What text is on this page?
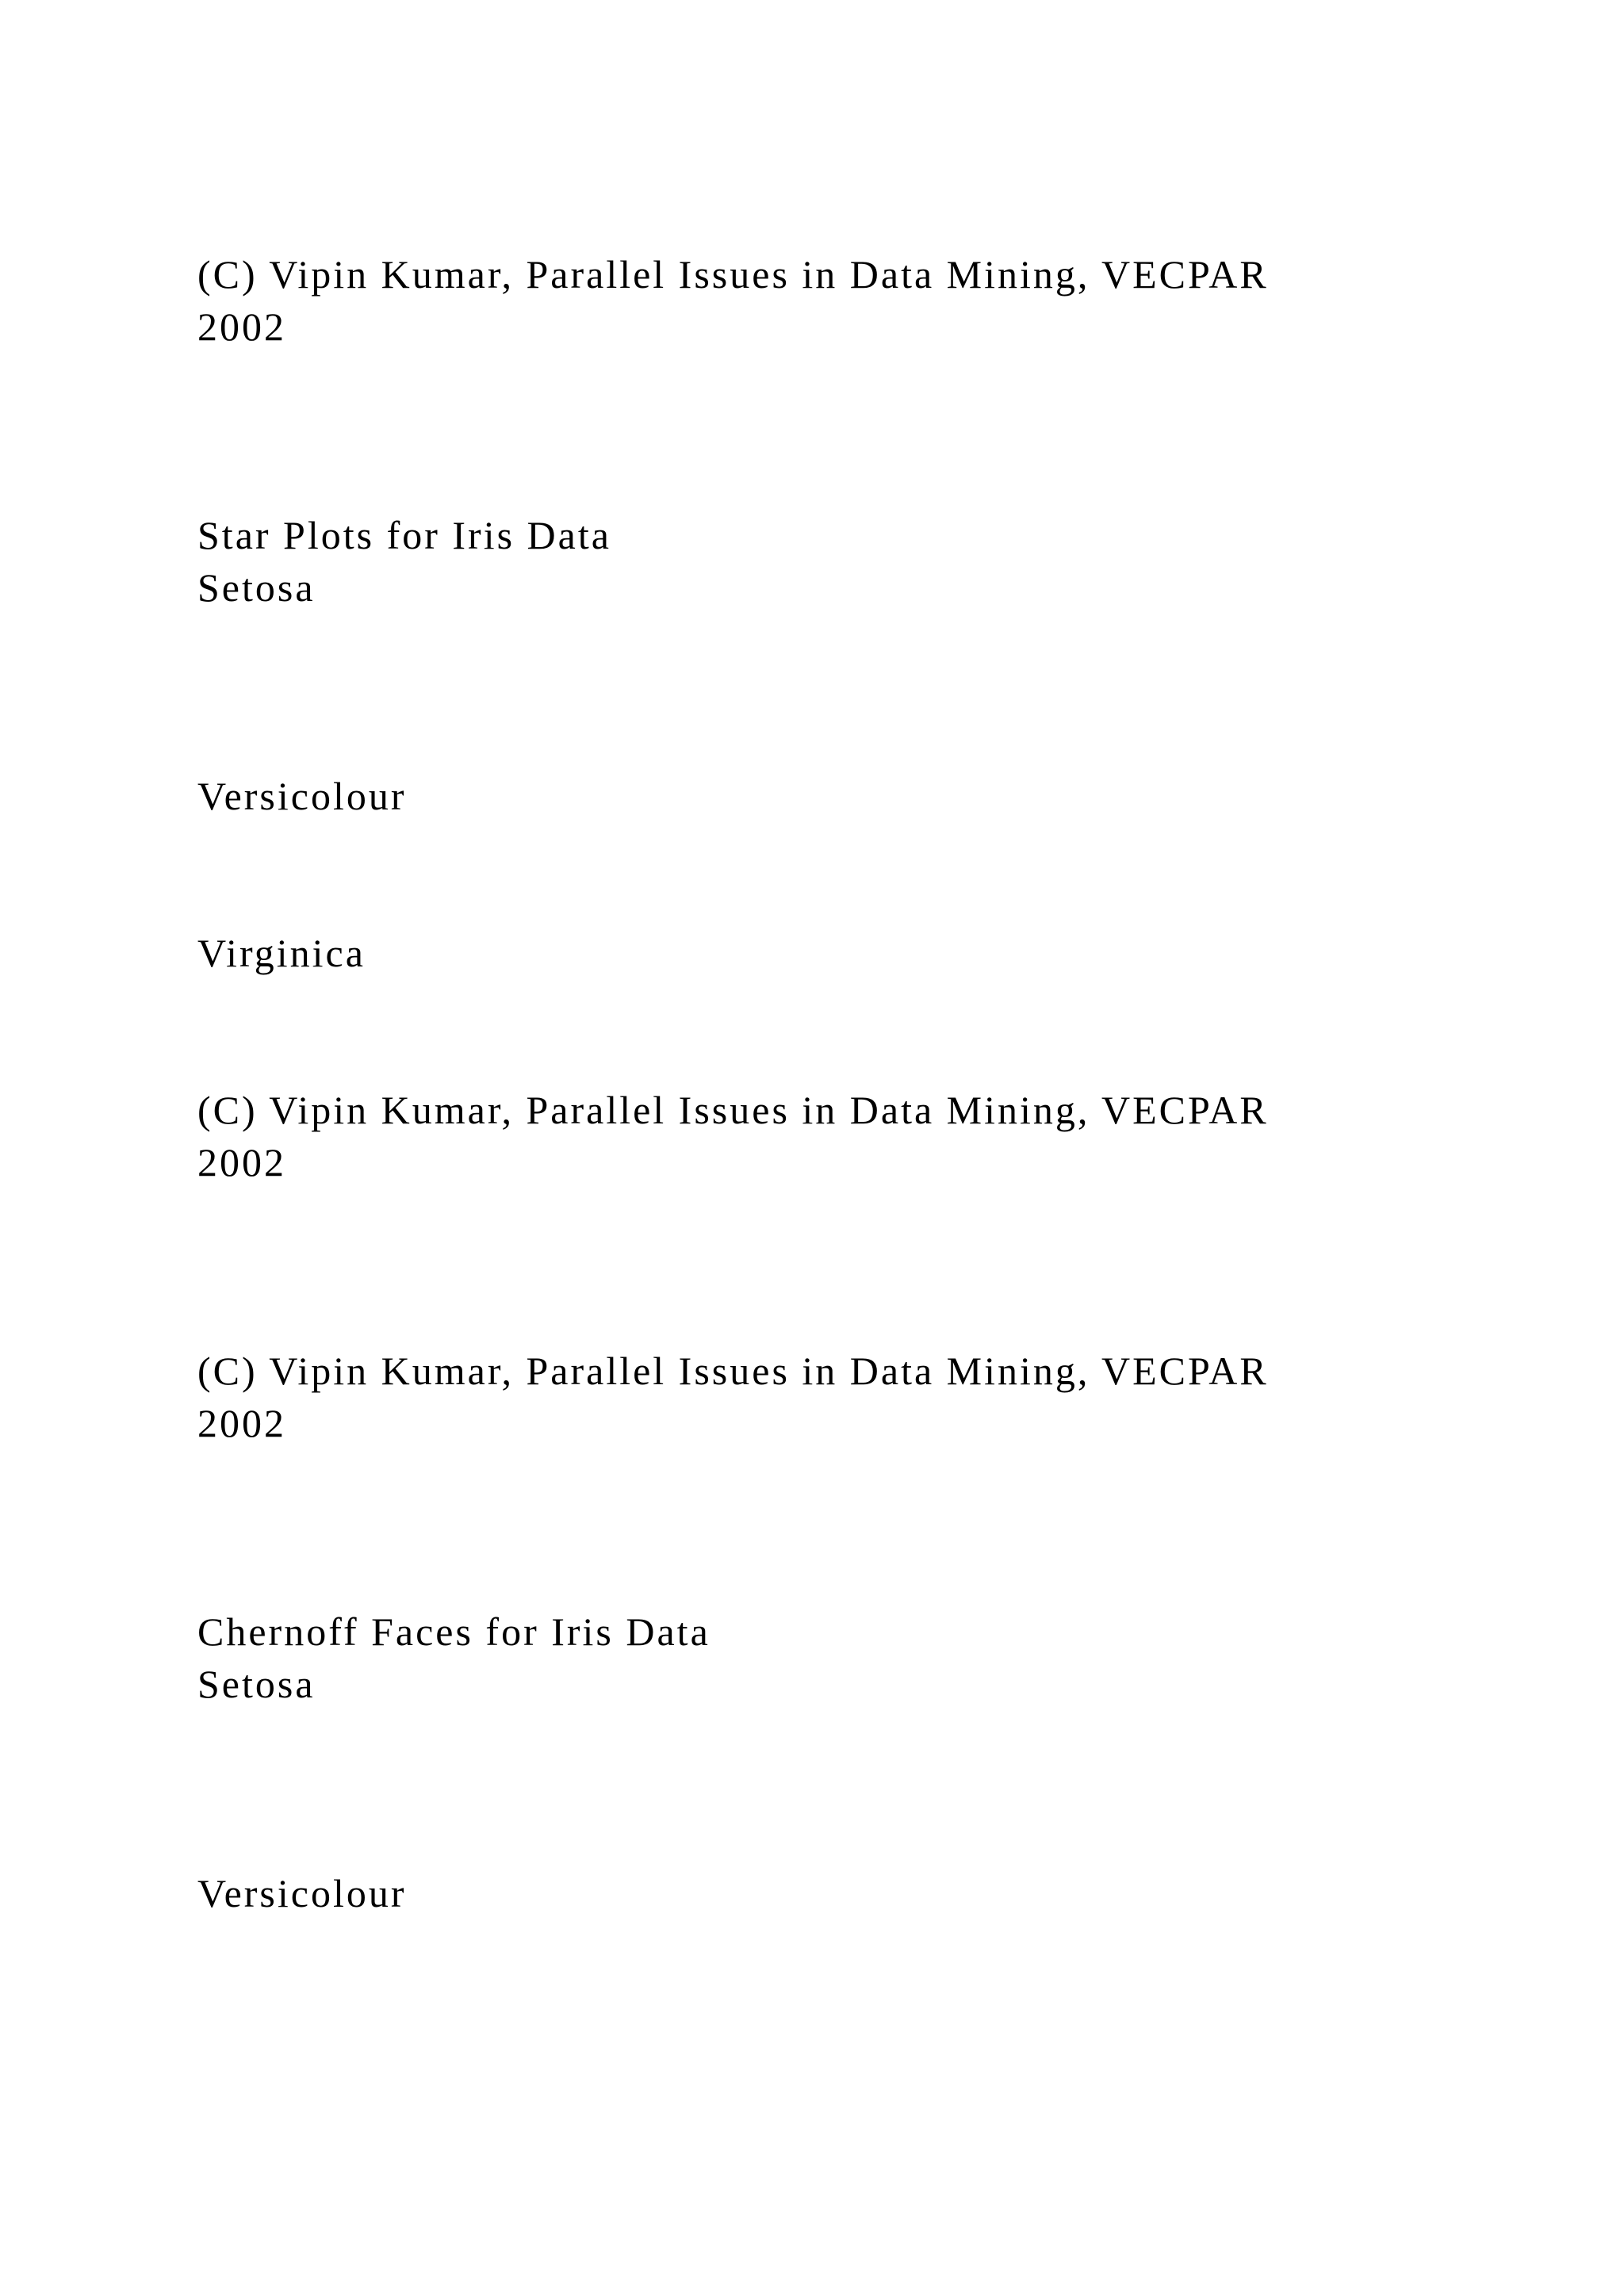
(C) Vipin Kumar, Parallel Issues in Data Mining, VECPAR
2002
Star Plots for Iris Data
Setosa
Versicolour
Virginica
(C) Vipin Kumar, Parallel Issues in Data Mining, VECPAR
2002
(C) Vipin Kumar, Parallel Issues in Data Mining, VECPAR
2002
Chernoff Faces for Iris Data
Setosa
Versicolour
